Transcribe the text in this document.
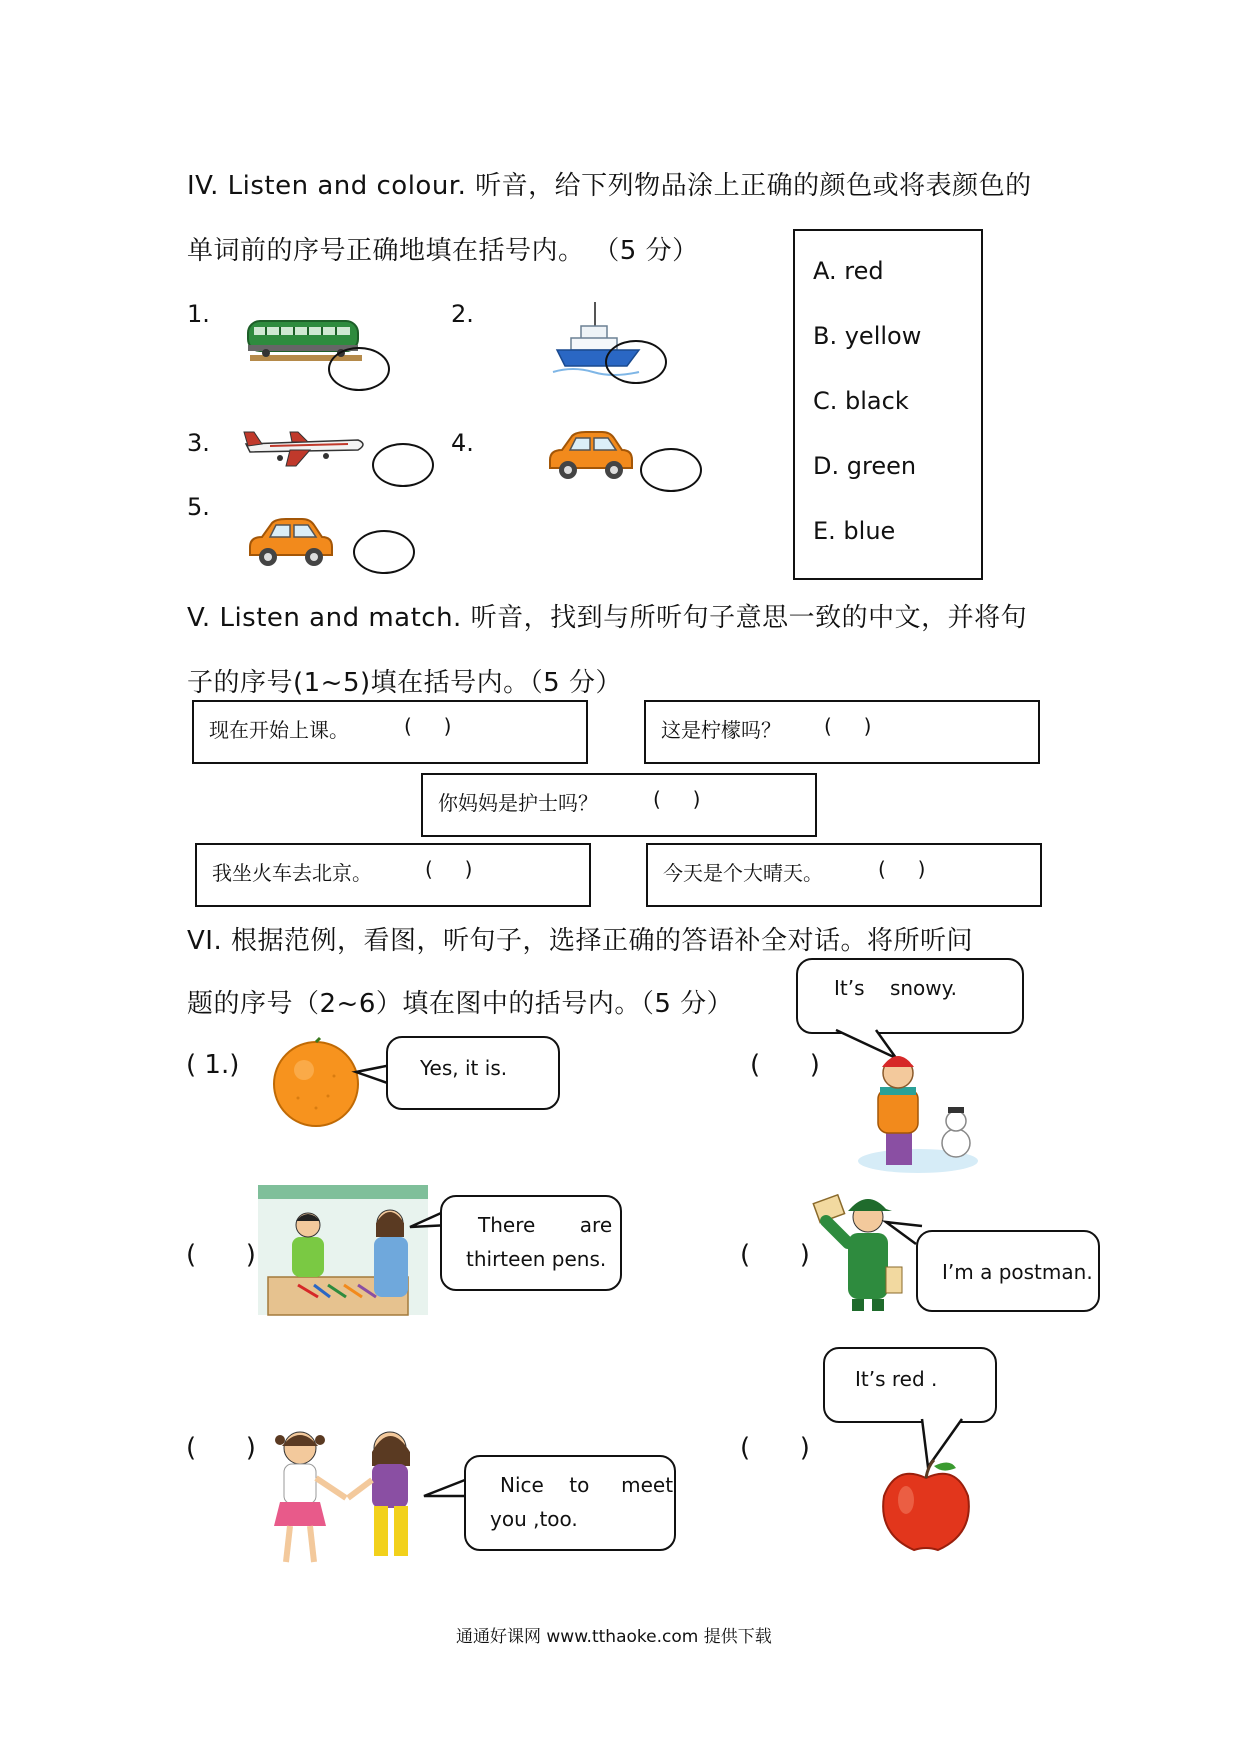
IV. Listen and colour. 听音，给下列物品涂上正确的颜色或将表颜色的
单词前的序号正确地填在括号内。 （5 分）
1.	2.
3.	4.
5.
A. red
B. yellow
C. black
D. green
E. blue
V. Listen and match. 听音，找到与所听句子意思一致的中文，并将句
子的序号(1~5)填在括号内。（5 分）
现在开始上课。	(     )	这是柠檬吗？ (     )
你妈妈是护士吗？	(     )
我坐火车去北京。	(     )	今天是个大晴天。	(     )
VI. 根据范例，看图，听句子，选择正确的答语补全对话。将所听问
题的序号（2~6）填在图中的括号内。（5 分）
( 1.)	Yes, it is.
It’s    snowy.
(      )
(      )
There       are
thirteen pens.	(      )
I’m a postman.
It’s red .
(      )
(      )
Nice    to     meet
you ,too.
通通好课网 www.tthaoke.com 提供下载
